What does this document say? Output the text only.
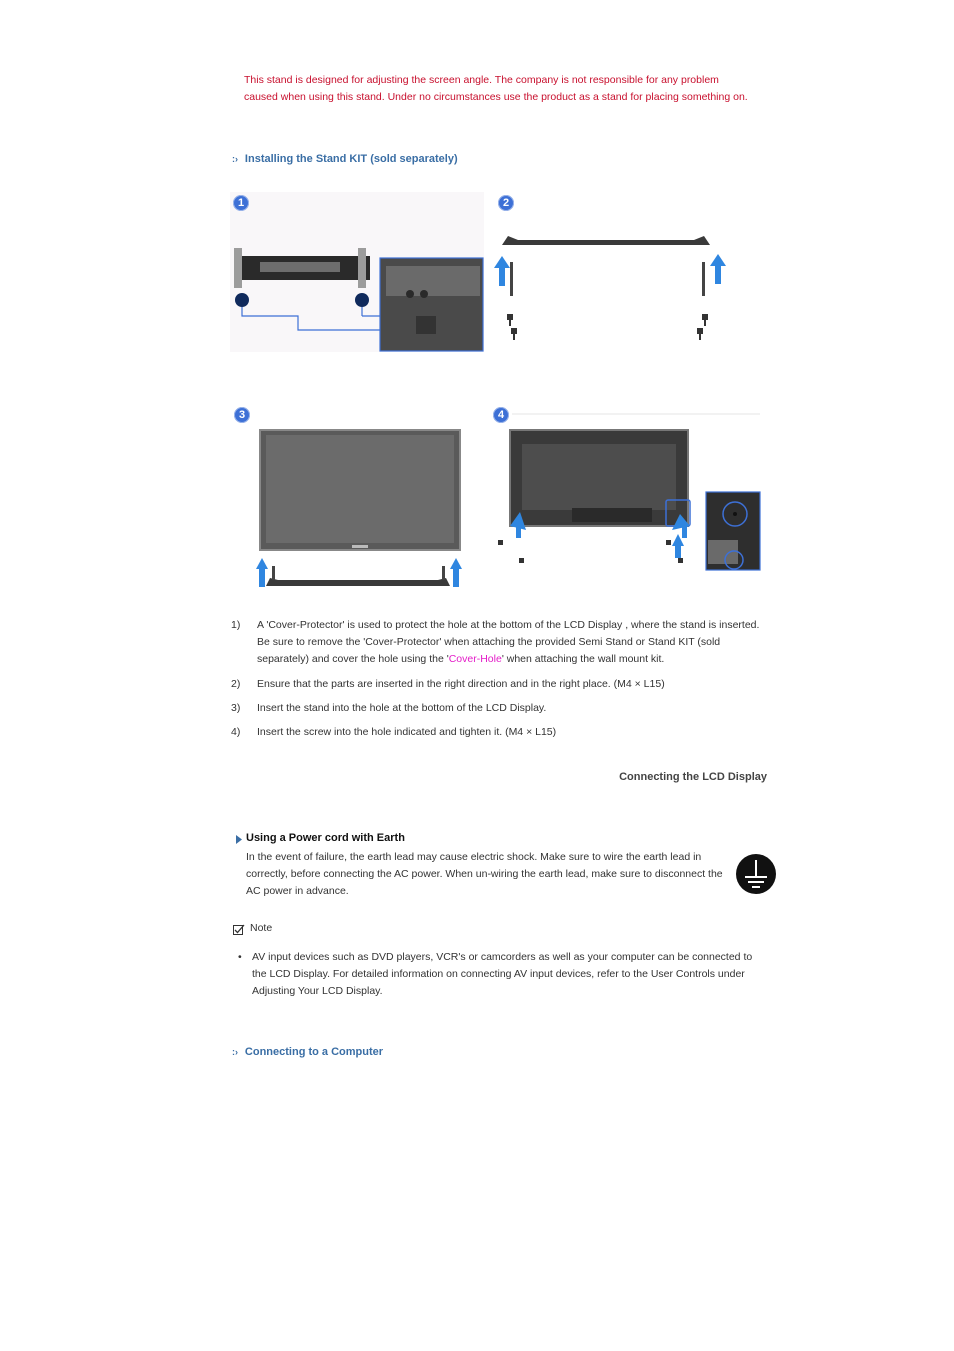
This stand is designed for adjusting the screen angle. The company is not responsible for any problem
caused when using this stand. Under no circumstances use the product as a stand for placing something on.
:› Installing the Stand KIT (sold separately)
1	2
3	4
1)	A 'Cover-Protector' is used to protect the hole at the bottom of the LCD Display , where the stand is inserted. Be sure to remove the 'Cover-Protector' when attaching the provided Semi Stand or Stand KIT (sold separately) and cover the hole using the 'Cover-Hole' when attaching the wall mount kit.
2)	Ensure that the parts are inserted in the right direction and in the right place. (M4 × L15)
3)	Insert the stand into the hole at the bottom of the LCD Display.
4)	Insert the screw into the hole indicated and tighten it. (M4 × L15)
Connecting the LCD Display
Using a Power cord with Earth
In the event of failure, the earth lead may cause electric shock. Make sure to wire the earth lead in correctly, before connecting the AC power. When un-wiring the earth lead, make sure to disconnect the AC power in advance.
Note
• AV input devices such as DVD players, VCR's or camcorders as well as your computer can be connected to the LCD Display. For detailed information on connecting AV input devices, refer to the User Controls under Adjusting Your LCD Display.
:› Connecting to a Computer
